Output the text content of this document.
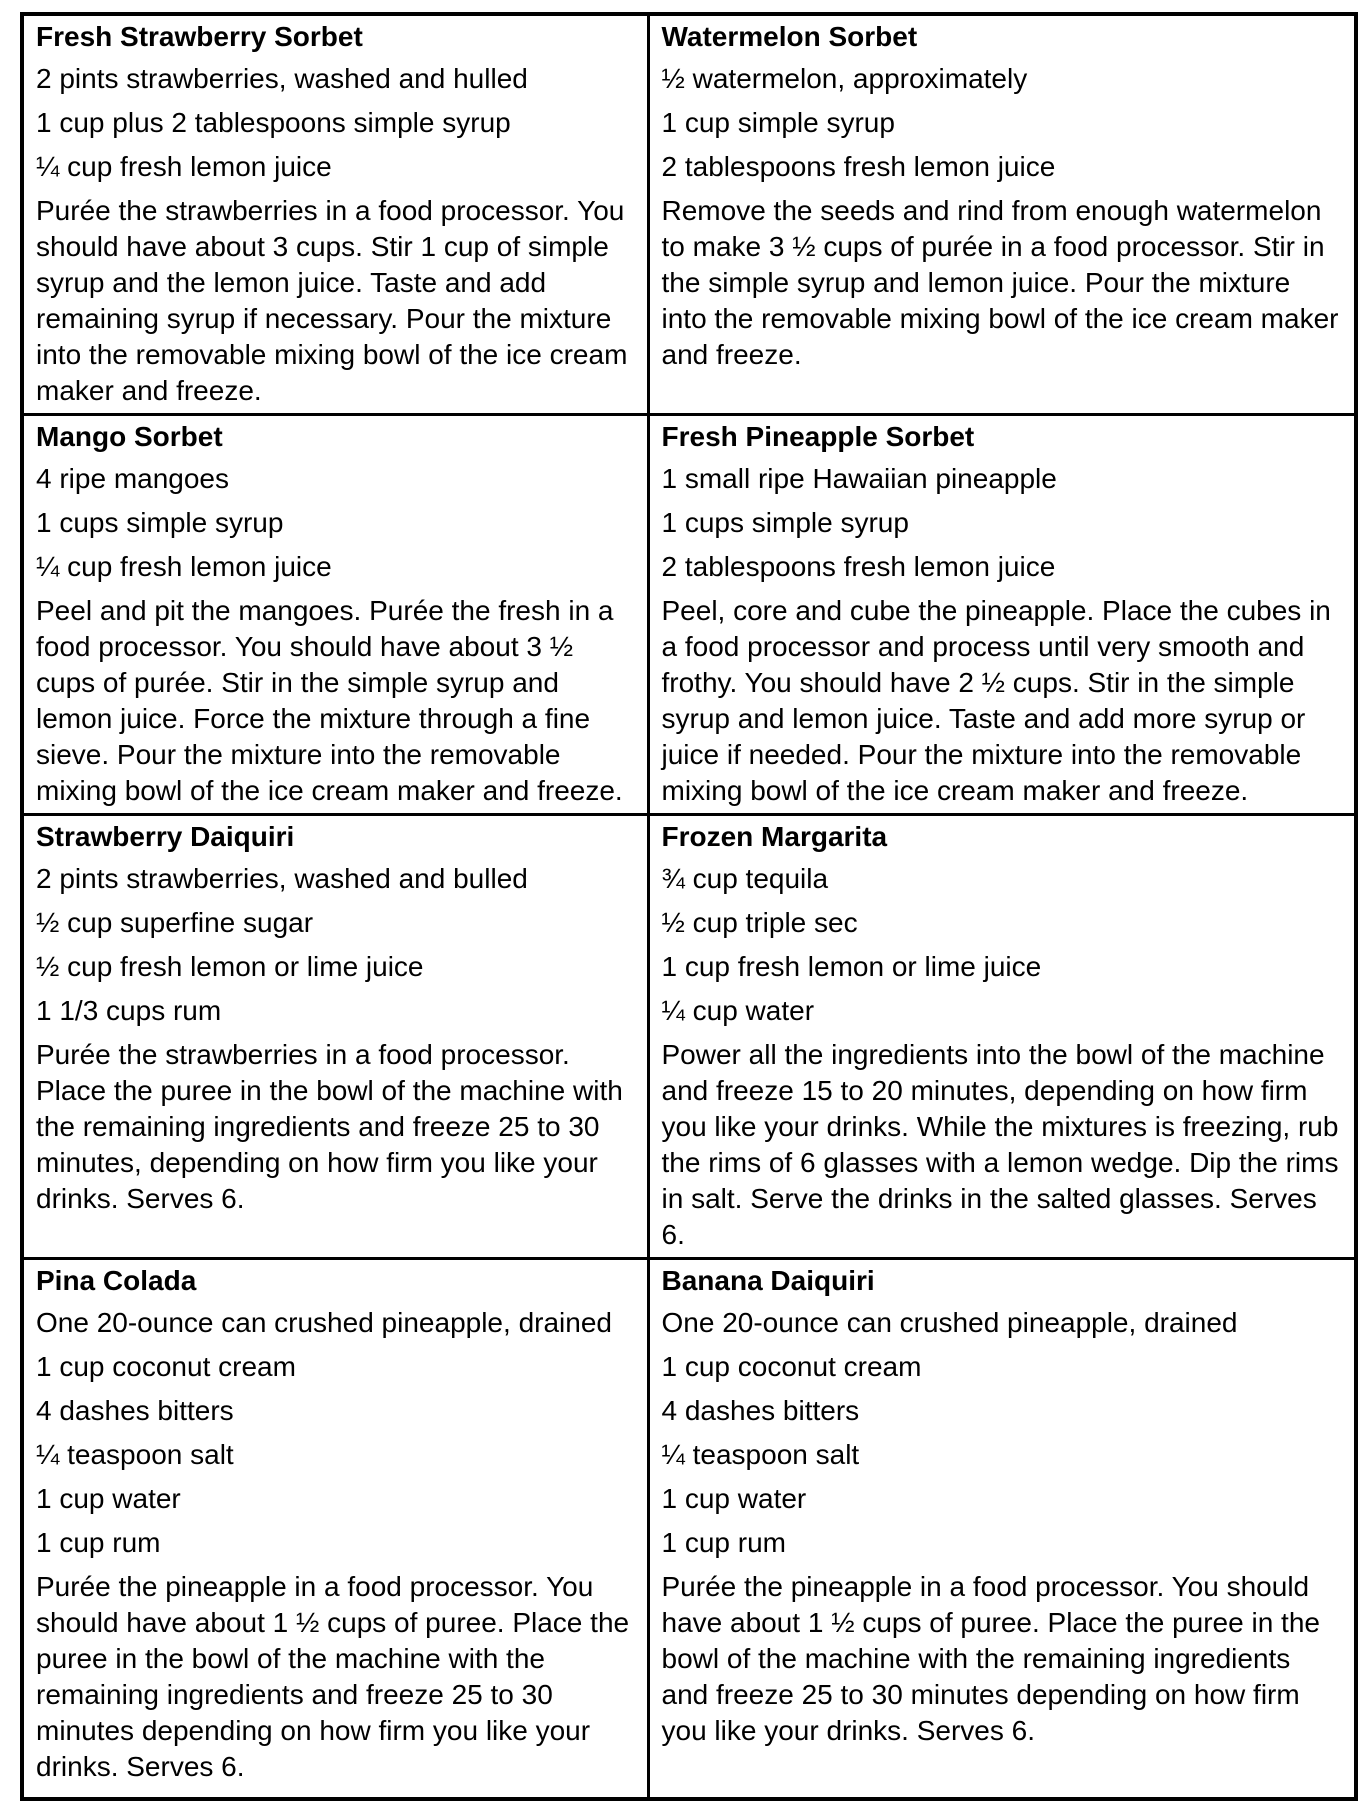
Fresh Strawberry Sorbet

2 pints strawberries, washed and hulled

1 cup plus 2 tablespoons simple syrup

¼ cup fresh lemon juice

Purée the strawberries in a food processor. You should have about 3 cups. Stir 1 cup of simple syrup and the lemon juice. Taste and add remaining syrup if necessary. Pour the mixture into the removable mixing bowl of the ice cream maker and freeze.

Watermelon Sorbet

½ watermelon, approximately

1 cup simple syrup

2 tablespoons fresh lemon juice

Remove the seeds and rind from enough watermelon to make 3 ½ cups of purée in a food processor. Stir in the simple syrup and lemon juice. Pour the mixture into the removable mixing bowl of the ice cream maker and freeze.

Mango Sorbet

4 ripe mangoes

1 cups simple syrup

¼ cup fresh lemon juice

Peel and pit the mangoes. Purée the fresh in a food processor. You should have about 3 ½ cups of purée. Stir in the simple syrup and lemon juice. Force the mixture through a fine sieve. Pour the mixture into the removable mixing bowl of the ice cream maker and freeze.

Fresh Pineapple Sorbet

1 small ripe Hawaiian pineapple

1 cups simple syrup

2 tablespoons fresh lemon juice

Peel, core and cube the pineapple. Place the cubes in a food processor and process until very smooth and frothy. You should have 2 ½ cups. Stir in the simple syrup and lemon juice. Taste and add more syrup or juice if needed. Pour the mixture into the removable mixing bowl of the ice cream maker and freeze.

Strawberry Daiquiri

2 pints strawberries, washed and bulled

½ cup superfine sugar

½ cup fresh lemon or lime juice

1 1/3 cups rum

Purée the strawberries in a food processor. Place the puree in the bowl of the machine with the remaining ingredients and freeze 25 to 30 minutes, depending on how firm you like your drinks. Serves 6.

Frozen Margarita

¾ cup tequila

½ cup triple sec

1 cup fresh lemon or lime juice

¼ cup water

Power all the ingredients into the bowl of the machine and freeze 15 to 20 minutes, depending on how firm you like your drinks. While the mixtures is freezing, rub the rims of 6 glasses with a lemon wedge. Dip the rims in salt. Serve the drinks in the salted glasses. Serves 6.

Pina Colada

One 20-ounce can crushed pineapple, drained

1 cup coconut cream

4 dashes bitters

¼ teaspoon salt

1 cup water

1 cup rum

Purée the pineapple in a food processor. You should have about 1 ½ cups of puree. Place the puree in the bowl of the machine with the remaining ingredients and freeze 25 to 30 minutes depending on how firm you like your drinks. Serves 6.

Banana Daiquiri

One 20-ounce can crushed pineapple, drained

1 cup coconut cream

4 dashes bitters

¼ teaspoon salt

1 cup water

1 cup rum

Purée the pineapple in a food processor. You should have about 1 ½ cups of puree. Place the puree in the bowl of the machine with the remaining ingredients and freeze 25 to 30 minutes depending on how firm you like your drinks. Serves 6.
